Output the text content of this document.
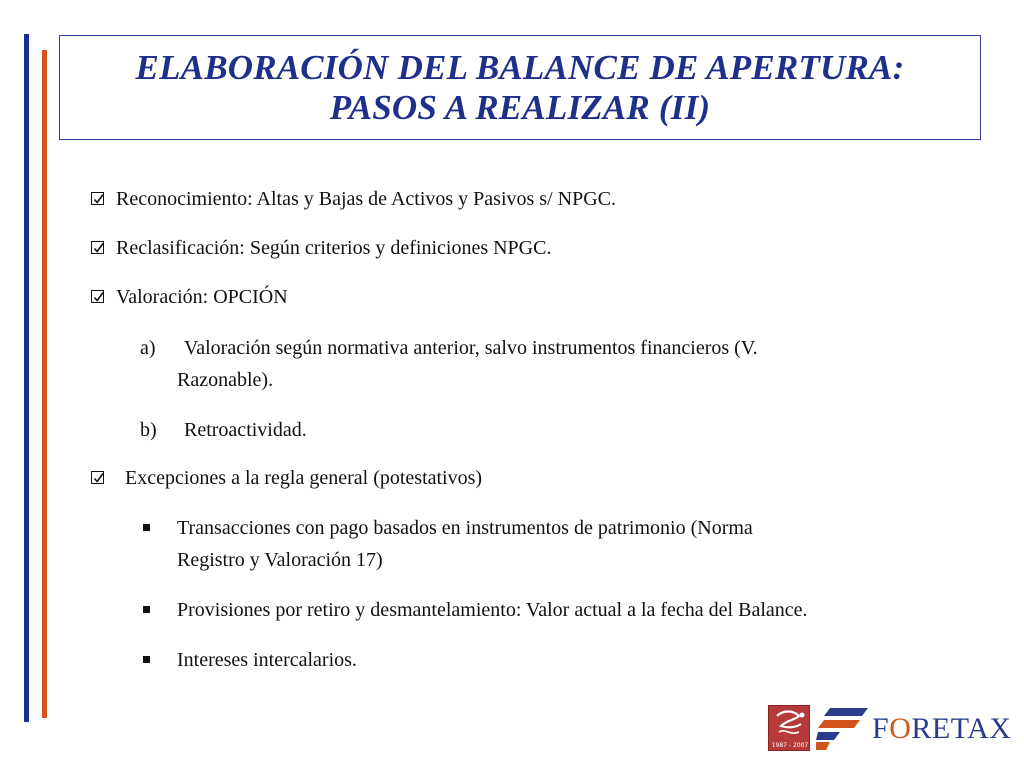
ELABORACIÓN DEL BALANCE DE APERTURA:
PASOS A REALIZAR (II)
Reconocimiento: Altas y Bajas de Activos y Pasivos s/ NPGC.
Reclasificación: Según criterios y definiciones NPGC.
Valoración: OPCIÓN
a) Valoración según normativa anterior, salvo instrumentos financieros (V.
Razonable).
b) Retroactividad.
Excepciones a la regla general (potestativos)
Transacciones con pago basados en instrumentos de patrimonio (Norma
Registro y Valoración 17)
Provisiones por retiro y desmantelamiento: Valor actual a la fecha del Balance.
Intereses intercalarios.
1987 - 2007
FORETAX
